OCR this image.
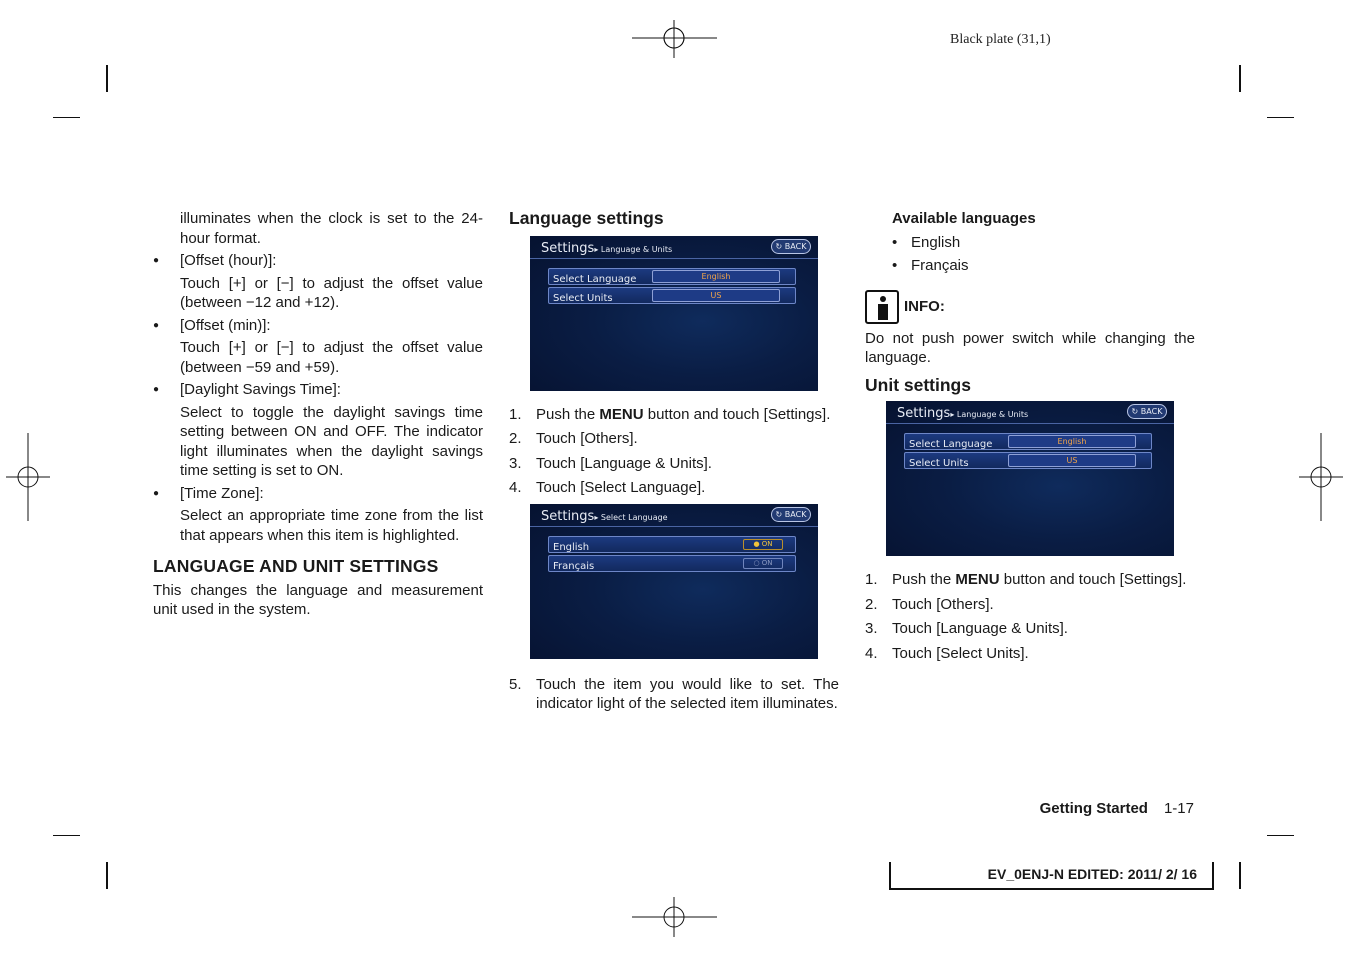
Black plate (31,1)
illuminates when the clock is set to the 24-hour format.
● [Offset (hour)]:
Touch [+] or [−] to adjust the offset value (between −12 and +12).
● [Offset (min)]:
Touch [+] or [−] to adjust the offset value (between −59 and +59).
● [Daylight Savings Time]:
Select to toggle the daylight savings time setting between ON and OFF. The indicator light illuminates when the daylight savings time setting is set to ON.
● [Time Zone]:
Select an appropriate time zone from the list that appears when this item is highlighted.
LANGUAGE AND UNIT SETTINGS
This changes the language and measurement unit used in the system.
Language settings
Settings▸ Language & Units	↻ BACK
Select Language	English
Select Units	US
1. Push the MENU button and touch [Settings].
2. Touch [Others].
3. Touch [Language & Units].
4. Touch [Select Language].
Settings▸ Select Language	↻ BACK
English	● ON
Français	○ ON
5. Touch the item you would like to set. The indicator light of the selected item illuminates.
Available languages
• English
• Français
INFO:
Do not push power switch while changing the language.
Unit settings
Settings▸ Language & Units	↻ BACK
Select Language	English
Select Units	US
1. Push the MENU button and touch [Settings].
2. Touch [Others].
3. Touch [Language & Units].
4. Touch [Select Units].
Getting Started 1-17
EV_0ENJ-N EDITED: 2011/ 2/ 16
